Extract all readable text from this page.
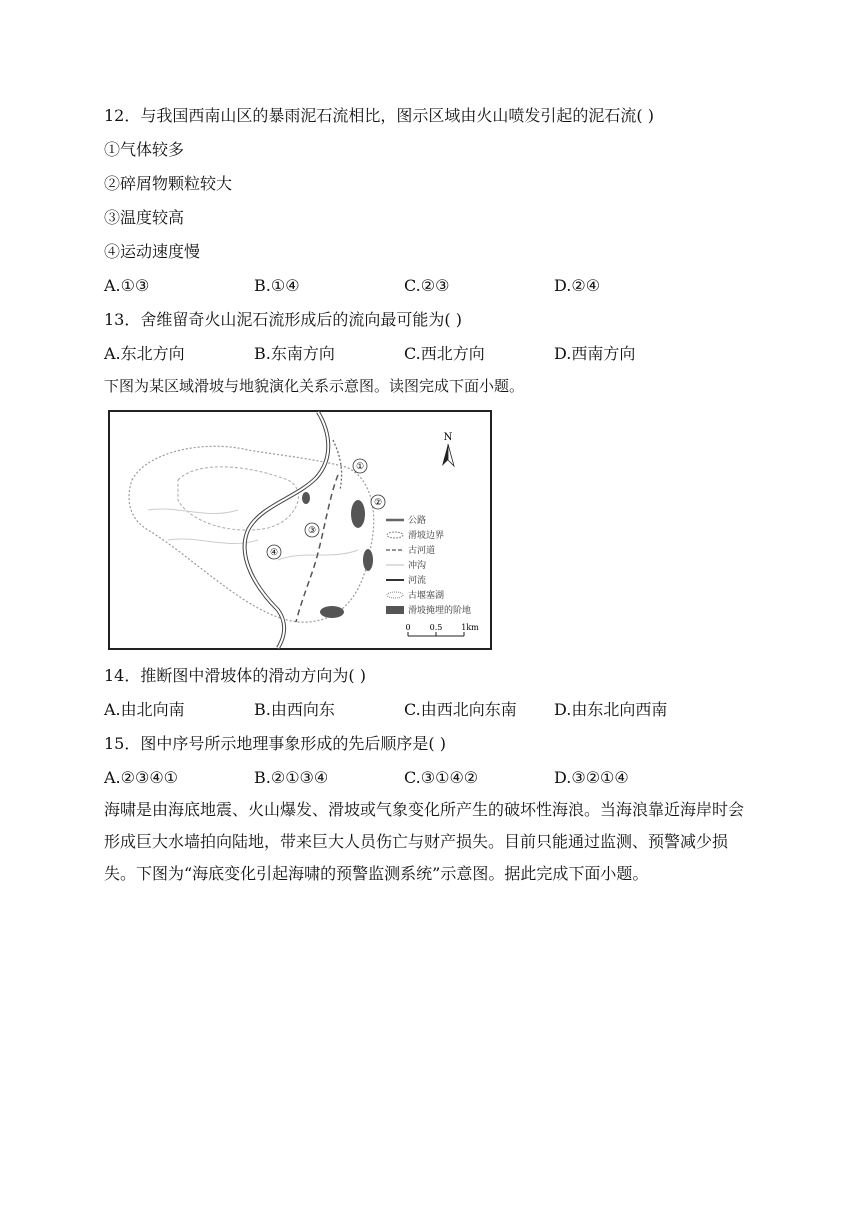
12．与我国西南山区的暴雨泥石流相比，图示区域由火山喷发引起的泥石流( )
①气体较多
②碎屑物颗粒较大
③温度较高
④运动速度慢
A.①③	B.①④	C.②③	D.②④
13．舍维留奇火山泥石流形成后的流向最可能为( )
A.东北方向	B.东南方向	C.西北方向	D.西南方向
下图为某区域滑坡与地貌演化关系示意图。读图完成下面小题。
①
②
③
④
N
公路
滑坡边界
古河道
冲沟
河流
古堰塞湖
滑坡掩埋的阶地
0 0.5 1km
14．推断图中滑坡体的滑动方向为( )
A.由北向南	B.由西向东	C.由西北向东南 D.由东北向西南
15．图中序号所示地理事象形成的先后顺序是( )
A.②③④①	B.②①③④	C.③①④②	D.③②①④
海啸是由海底地震、火山爆发、滑坡或气象变化所产生的破坏性海浪。当海浪靠近海岸时会形成巨大水墙拍向陆地，带来巨大人员伤亡与财产损失。目前只能通过监测、预警减少损失。下图为“海底变化引起海啸的预警监测系统”示意图。据此完成下面小题。
